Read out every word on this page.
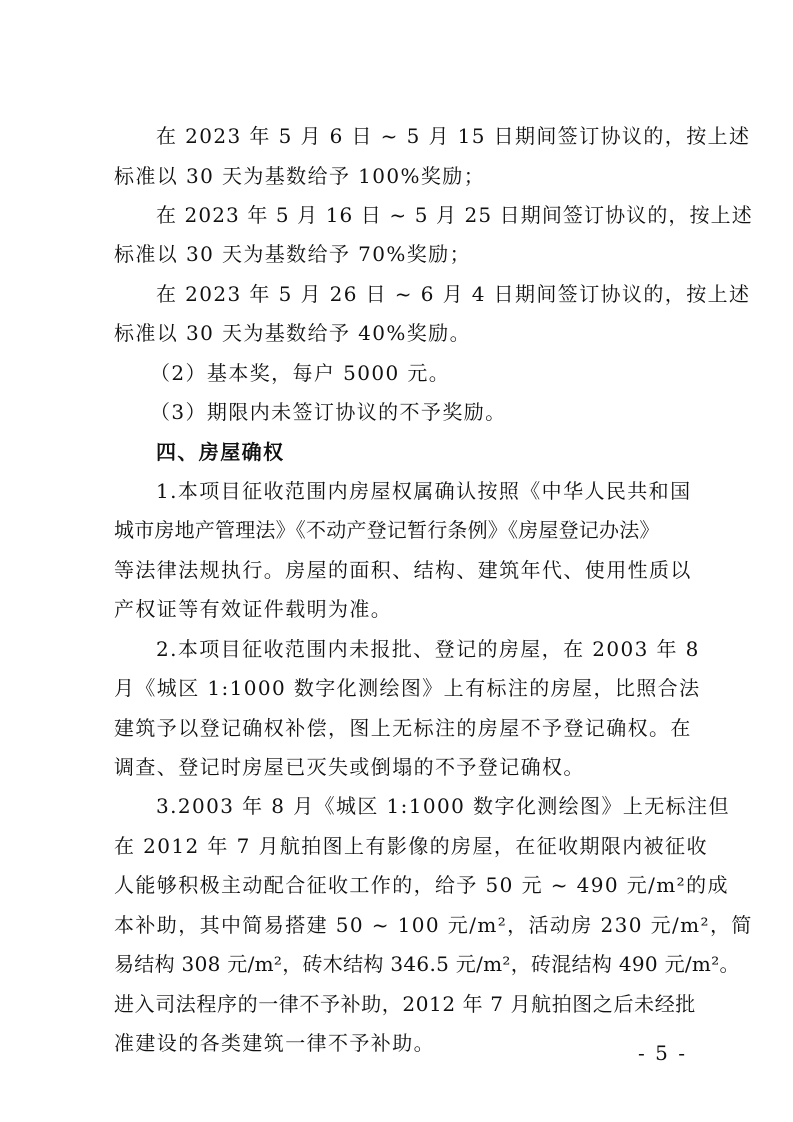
在 2023 年 5 月 6 日 ~ 5 月 15 日期间签订协议的，按上述
标准以 30 天为基数给予 100%奖励；
在 2023 年 5 月 16 日 ~ 5 月 25 日期间签订协议的，按上述
标准以 30 天为基数给予 70%奖励；
在 2023 年 5 月 26 日 ~ 6 月 4 日期间签订协议的，按上述
标准以 30 天为基数给予 40%奖励。
（2）基本奖，每户 5000 元。
（3）期限内未签订协议的不予奖励。
四、房屋确权
1.本项目征收范围内房屋权属确认按照《中华人民共和国
城市房地产管理法》《不动产登记暂行条例》《房屋登记办法》
等法律法规执行。房屋的面积、结构、建筑年代、使用性质以
产权证等有效证件载明为准。
2.本项目征收范围内未报批、登记的房屋，在 2003 年 8
月《城区 1:1000 数字化测绘图》上有标注的房屋，比照合法
建筑予以登记确权补偿，图上无标注的房屋不予登记确权。在
调查、登记时房屋已灭失或倒塌的不予登记确权。
3.2003 年 8 月《城区 1:1000 数字化测绘图》上无标注但
在 2012 年 7 月航拍图上有影像的房屋，在征收期限内被征收
人能够积极主动配合征收工作的，给予 50 元 ~ 490 元/m²的成
本补助，其中简易搭建 50 ~ 100 元/m²，活动房 230 元/m²，简
易结构 308 元/m²，砖木结构 346.5 元/m²，砖混结构 490 元/m²。
进入司法程序的一律不予补助，2012 年 7 月航拍图之后未经批
准建设的各类建筑一律不予补助。	- 5 -
